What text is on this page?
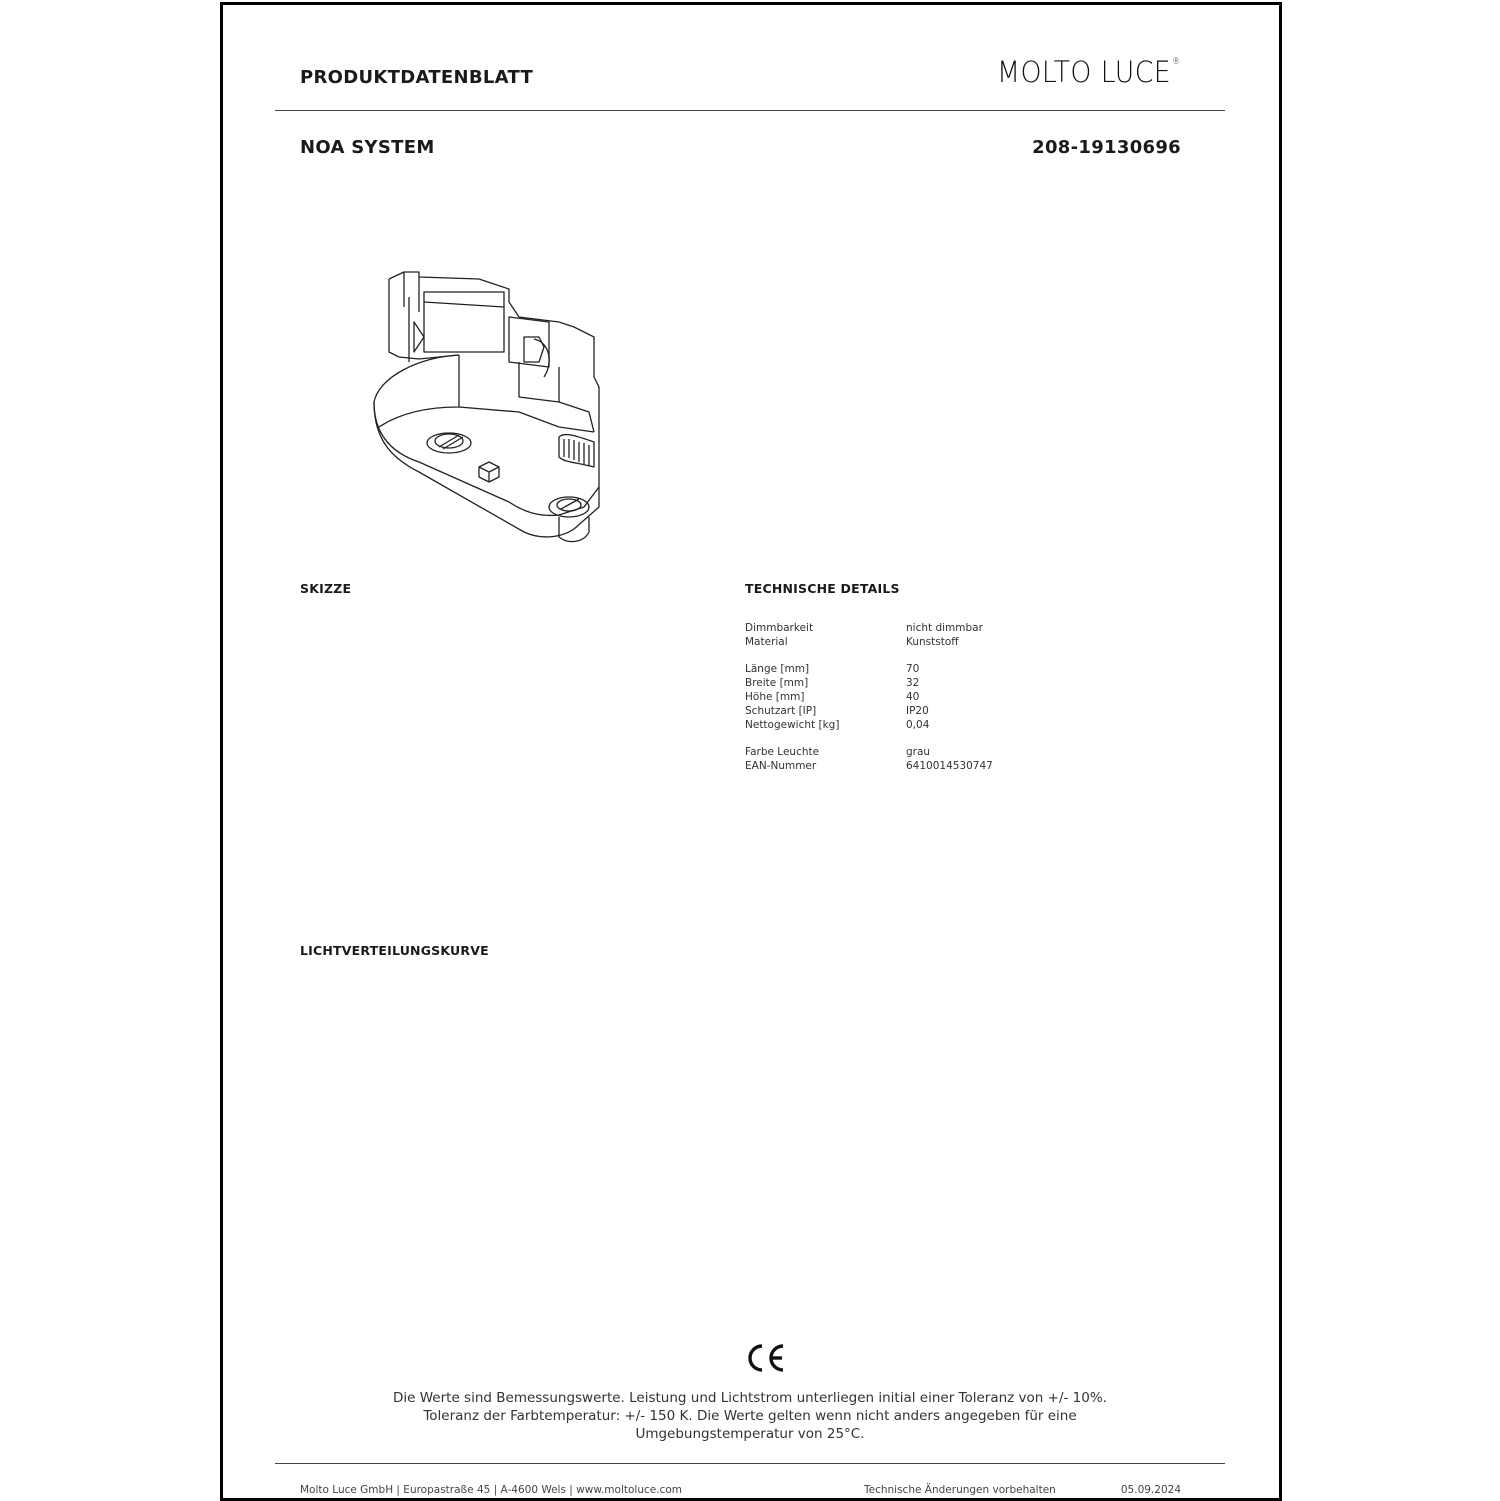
PRODUKTDATENBLATT	MOLTO LUCE®
NOA SYSTEM	208-19130696
SKIZZE	TECHNISCHE DETAILS
Dimmbarkeit	nicht dimmbar
Material	Kunststoff
Länge [mm]	70
Breite [mm]	32
Höhe [mm]	40
Schutzart [IP]	IP20
Nettogewicht [kg]	0,04
Farbe Leuchte	grau
EAN-Nummer	6410014530747
LICHTVERTEILUNGSKURVE
Die Werte sind Bemessungswerte. Leistung und Lichtstrom unterliegen initial einer Toleranz von +/- 10%.
Toleranz der Farbtemperatur: +/- 150 K. Die Werte gelten wenn nicht anders angegeben für eine
Umgebungstemperatur von 25°C.
Molto Luce GmbH | Europastraße 45 | A-4600 Wels | www.moltoluce.com	Technische Änderungen vorbehalten	05.09.2024
